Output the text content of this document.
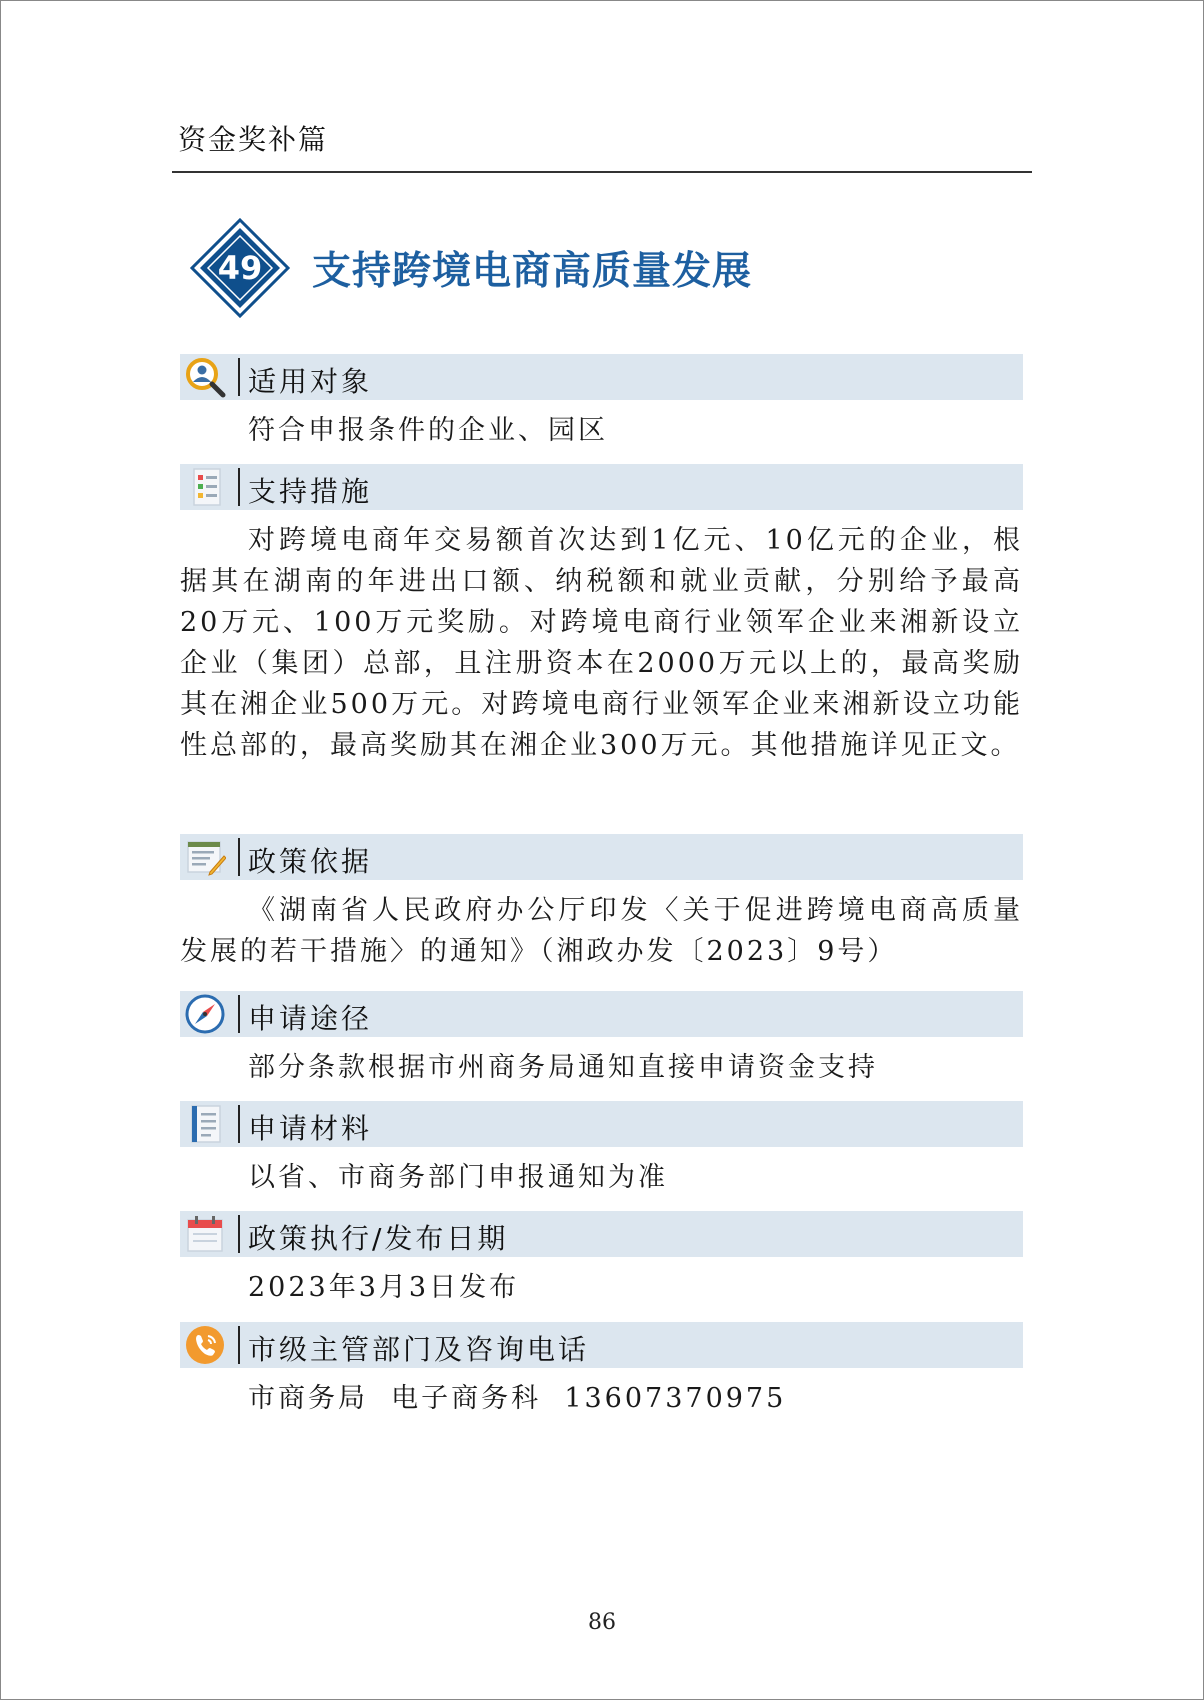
资金奖补篇
49 支持跨境电商高质量发展
适用对象
符合申报条件的企业、园区
支持措施
对跨境电商年交易额首次达到1亿元、10亿元的企业，根据其在湖南的年进出口额、纳税额和就业贡献，分别给予最高20万元、100万元奖励。对跨境电商行业领军企业来湘新设立企业（集团）总部，且注册资本在2000万元以上的，最高奖励其在湘企业500万元。对跨境电商行业领军企业来湘新设立功能性总部的，最高奖励其在湘企业300万元。其他措施详见正文。
政策依据
《湖南省人民政府办公厅印发〈关于促进跨境电商高质量发展的若干措施〉的通知》（湘政办发〔2023〕9号）
申请途径
部分条款根据市州商务局通知直接申请资金支持
申请材料
以省、市商务部门申报通知为准
政策执行/发布日期
2023年3月3日发布
市级主管部门及咨询电话
市商务局  电子商务科  13607370975
86
